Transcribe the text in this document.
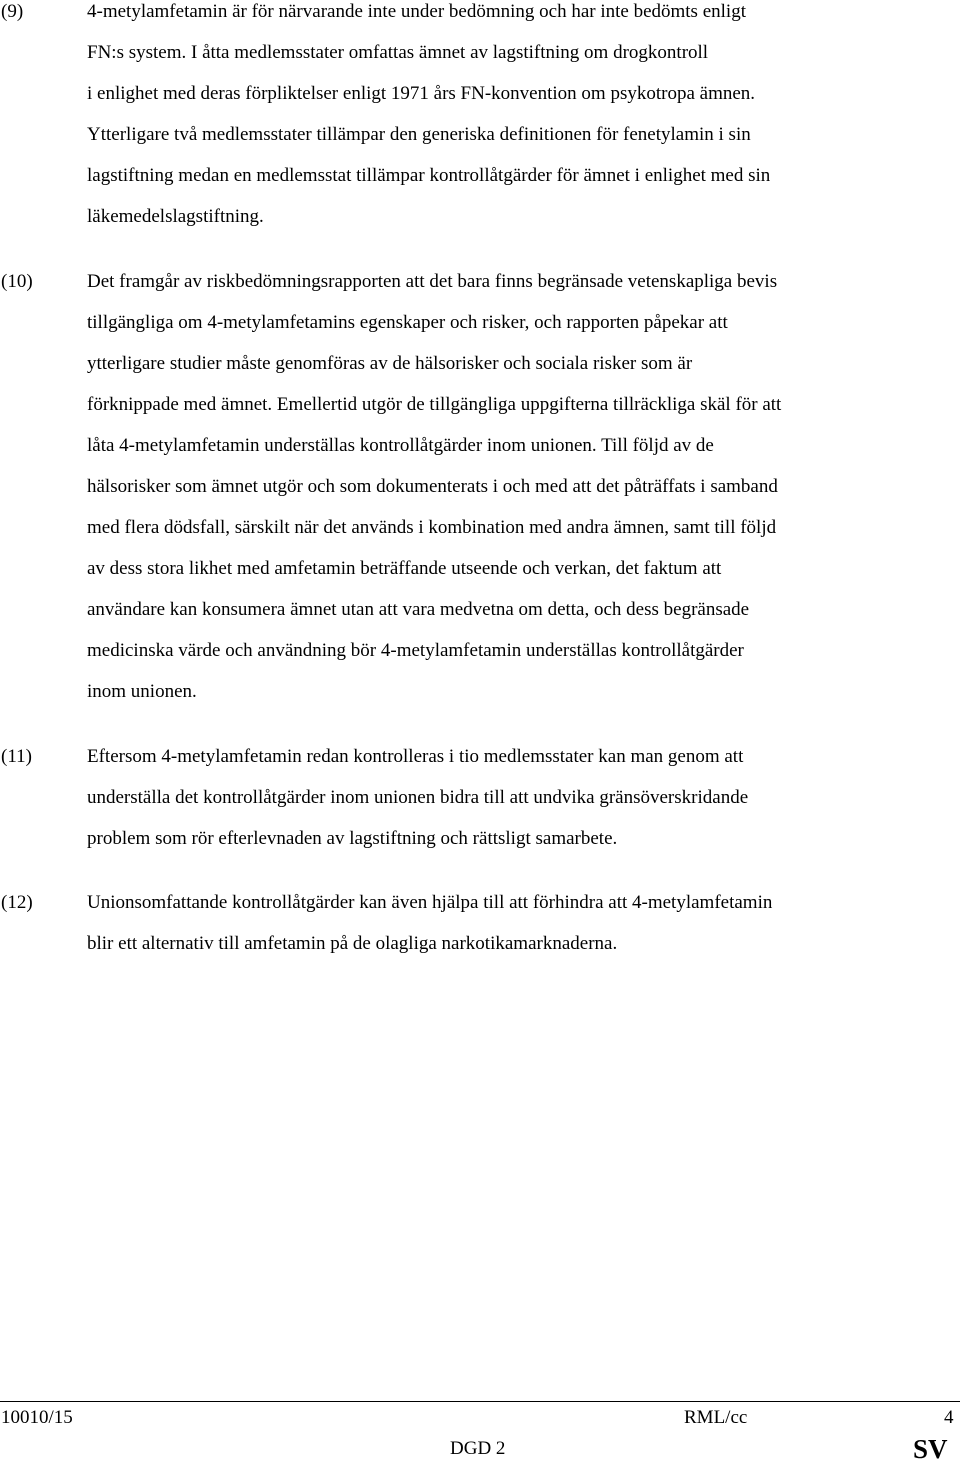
(9)	4-metylamfetamin är för närvarande inte under bedömning och har inte bedömts enligt
FN:s system. I åtta medlemsstater omfattas ämnet av lagstiftning om drogkontroll
i enlighet med deras förpliktelser enligt 1971 års FN-konvention om psykotropa ämnen.
Ytterligare två medlemsstater tillämpar den generiska definitionen för fenetylamin i sin
lagstiftning medan en medlemsstat tillämpar kontrollåtgärder för ämnet i enlighet med sin
läkemedelslagstiftning.
(10)	Det framgår av riskbedömningsrapporten att det bara finns begränsade vetenskapliga bevis
tillgängliga om 4-metylamfetamins egenskaper och risker, och rapporten påpekar att
ytterligare studier måste genomföras av de hälsorisker och sociala risker som är
förknippade med ämnet. Emellertid utgör de tillgängliga uppgifterna tillräckliga skäl för att
låta 4-metylamfetamin underställas kontrollåtgärder inom unionen. Till följd av de
hälsorisker som ämnet utgör och som dokumenterats i och med att det påträffats i samband
med flera dödsfall, särskilt när det används i kombination med andra ämnen, samt till följd
av dess stora likhet med amfetamin beträffande utseende och verkan, det faktum att
användare kan konsumera ämnet utan att vara medvetna om detta, och dess begränsade
medicinska värde och användning bör 4-metylamfetamin underställas kontrollåtgärder
inom unionen.
(11)	Eftersom 4-metylamfetamin redan kontrolleras i tio medlemsstater kan man genom att
underställa det kontrollåtgärder inom unionen bidra till att undvika gränsöverskridande
problem som rör efterlevnaden av lagstiftning och rättsligt samarbete.
(12)	Unionsomfattande kontrollåtgärder kan även hjälpa till att förhindra att 4-metylamfetamin
blir ett alternativ till amfetamin på de olagliga narkotikamarknaderna.
10010/15	RML/cc	4
DGD 2	SV
